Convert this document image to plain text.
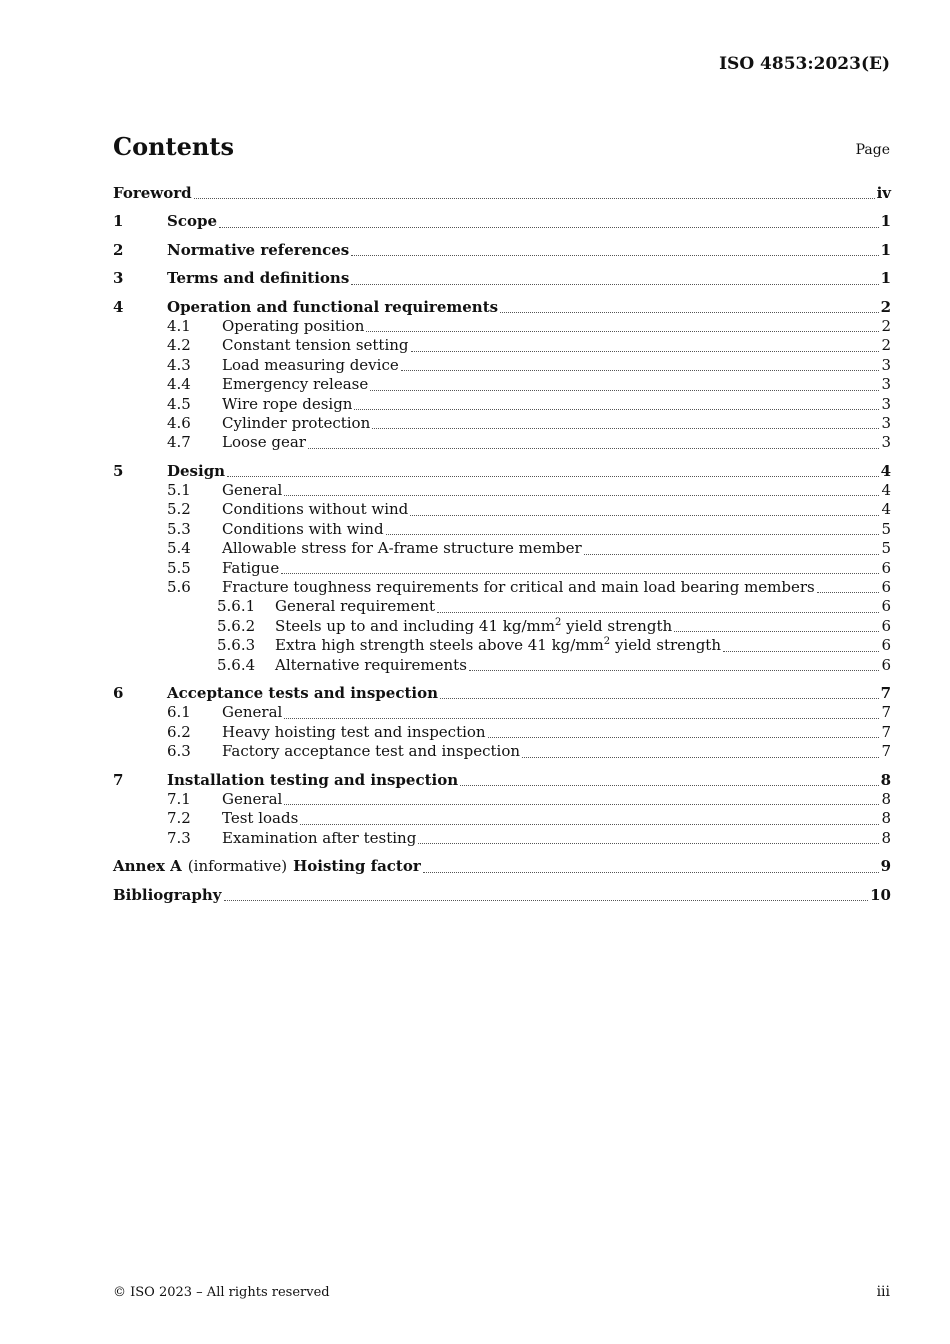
ISO 4853:2023(E)
Contents	Page
Foreword	iv
1	Scope	1
2	Normative references	1
3	Terms and definitions	1
4	Operation and functional requirements	2
4.1	Operating position	2
4.2	Constant tension setting	2
4.3	Load measuring device	3
4.4	Emergency release	3
4.5	Wire rope design	3
4.6	Cylinder protection	3
4.7	Loose gear	3
5	Design	4
5.1	General	4
5.2	Conditions without wind	4
5.3	Conditions with wind	5
5.4	Allowable stress for A-frame structure member	5
5.5	Fatigue	6
5.6	Fracture toughness requirements for critical and main load bearing members	6
5.6.1	General requirement	6
5.6.2	Steels up to and including 41 $kg/mm^2$ yield strength	6
5.6.3	Extra high strength steels above 41 $kg/mm^2$ yield strength	6
5.6.4	Alternative requirements	6
6	Acceptance tests and inspection	7
6.1	General	7
6.2	Heavy hoisting test and inspection	7
6.3	Factory acceptance test and inspection	7
7	Installation testing and inspection	8
7.1	General	8
7.2	Test loads	8
7.3	Examination after testing	8
Annex A (informative) Hoisting factor	9
Bibliography	10
© ISO 2023 – All rights reserved	iii
